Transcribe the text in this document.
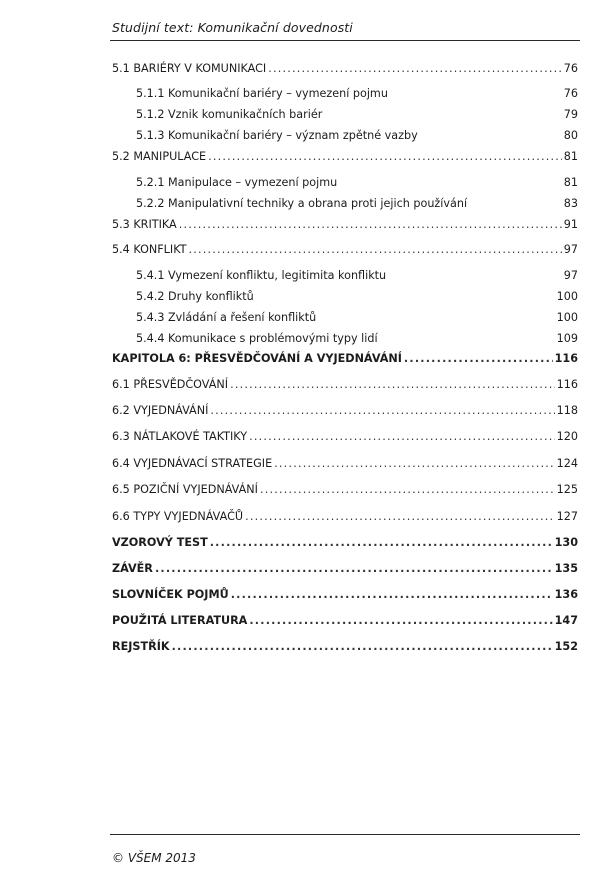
Studijní text: Komunikační dovednosti
5.1 BARIÉRY V KOMUNIKACI .....	76
5.1.1 Komunikační bariéry – vymezení pojmu	76
5.1.2 Vznik komunikačních bariér	79
5.1.3 Komunikační bariéry – význam zpětné vazby	80
5.2 MANIPULACE .....	81
5.2.1 Manipulace – vymezení pojmu	81
5.2.2 Manipulativní techniky a obrana proti jejich používání	83
5.3 KRITIKA .....	91
5.4 KONFLIKT .....	97
5.4.1 Vymezení konfliktu, legitimita konfliktu	97
5.4.2 Druhy konfliktů	100
5.4.3 Zvládání a řešení konfliktů	100
5.4.4 Komunikace s problémovými typy lidí	109
KAPITOLA 6: PŘESVĚDČOVÁNÍ A VYJEDNÁVÁNÍ .....	116
6.1 PŘESVĚDČOVÁNÍ .....	116
6.2 VYJEDNÁVÁNÍ .....	118
6.3 NÁTLAKOVÉ TAKTIKY .....	120
6.4 VYJEDNÁVACÍ STRATEGIE .....	124
6.5 POZIČNÍ VYJEDNÁVÁNÍ .....	125
6.6 TYPY VYJEDNÁVAČŮ .....	127
VZOROVÝ TEST .....	130
ZÁVĚR .....	135
SLOVNÍČEK POJMŮ .....	136
POUŽITÁ LITERATURA .....	147
REJSTŘÍK .....	152
© VŠEM 2013
